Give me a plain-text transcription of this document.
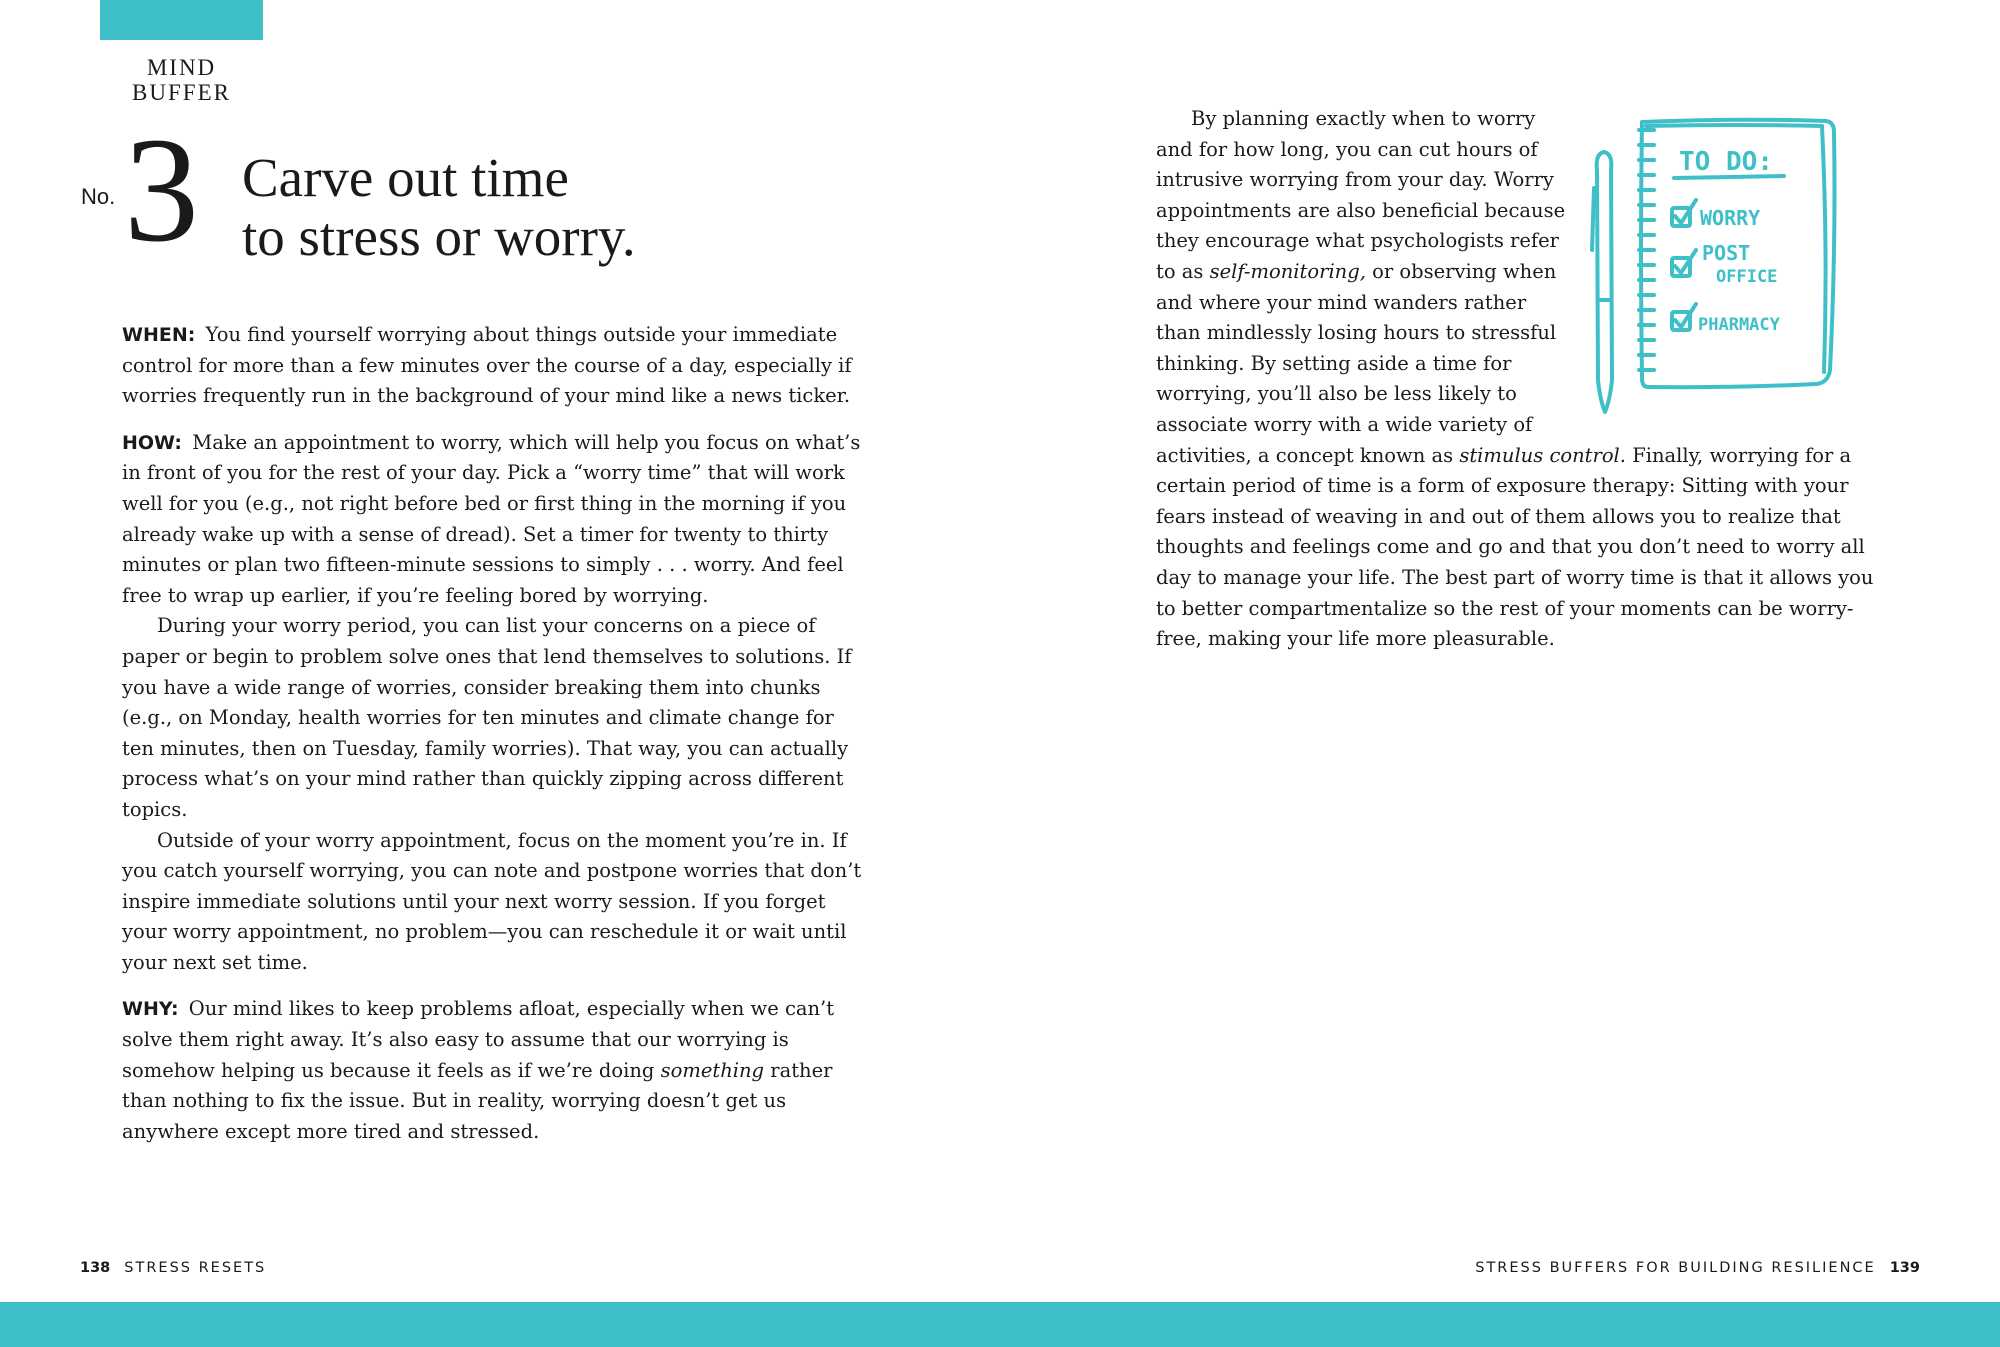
MIND
BUFFER
No. 3 Carve out time
to stress or worry.

WHEN: You find yourself worrying about things outside your immediate control for more than a few minutes over the course of a day, especially if worries frequently run in the background of your mind like a news ticker.

HOW: Make an appointment to worry, which will help you focus on what’s in front of you for the rest of your day. Pick a “worry time” that will work well for you (e.g., not right before bed or first thing in the morning if you already wake up with a sense of dread). Set a timer for twenty to thirty minutes or plan two fifteen-minute sessions to simply . . . worry. And feel free to wrap up earlier, if you’re feeling bored by worrying.

During your worry period, you can list your concerns on a piece of paper or begin to problem solve ones that lend themselves to solutions. If you have a wide range of worries, consider breaking them into chunks (e.g., on Monday, health worries for ten minutes and climate change for ten minutes, then on Tuesday, family worries). That way, you can actually process what’s on your mind rather than quickly zipping across different topics.

Outside of your worry appointment, focus on the moment you’re in. If you catch yourself worrying, you can note and postpone worries that don’t inspire immediate solutions until your next worry session. If you forget your worry appointment, no problem—you can reschedule it or wait until your next set time.

WHY: Our mind likes to keep problems afloat, especially when we can’t solve them right away. It’s also easy to assume that our worrying is somehow helping us because it feels as if we’re doing something rather than nothing to fix the issue. But in reality, worrying doesn’t get us anywhere except more tired and stressed.

TO DO:
WORRY
POST
OFFICE
PHARMACY

By planning exactly when to worry and for how long, you can cut hours of intrusive worrying from your day. Worry appointments are also beneficial because they encourage what psychologists refer to as self-monitoring, or observing when and where your mind wanders rather than mindlessly losing hours to stressful thinking. By setting aside a time for worrying, you’ll also be less likely to associate worry with a wide variety of activities, a concept known as stimulus control. Finally, worrying for a certain period of time is a form of exposure therapy: Sitting with your fears instead of weaving in and out of them allows you to realize that thoughts and feelings come and go and that you don’t need to worry all day to manage your life. The best part of worry time is that it allows you to better compartmentalize so the rest of your moments can be worry-free, making your life more pleasurable.

138 STRESS RESETS	STRESS BUFFERS FOR BUILDING RESILIENCE 139
